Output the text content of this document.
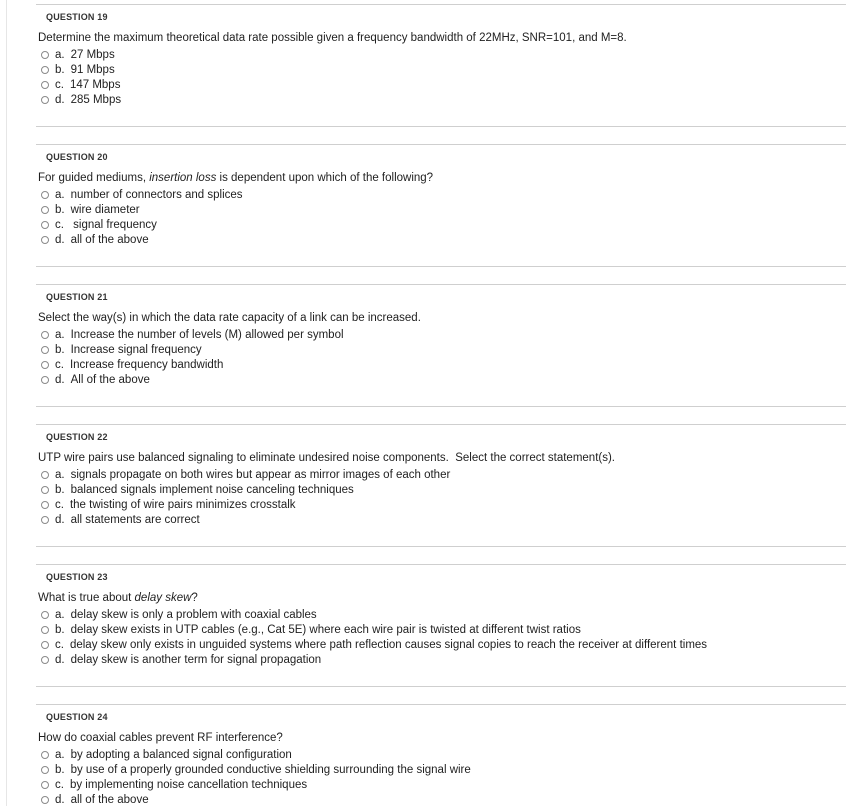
QUESTION 19
Determine the maximum theoretical data rate possible given a frequency bandwidth of 22MHz, SNR=101, and M=8.
a. 27 Mbps
b. 91 Mbps
c. 147 Mbps
d. 285 Mbps
QUESTION 20
For guided mediums, insertion loss is dependent upon which of the following?
a. number of connectors and splices
b. wire diameter
c. signal frequency
d. all of the above
QUESTION 21
Select the way(s) in which the data rate capacity of a link can be increased.
a. Increase the number of levels (M) allowed per symbol
b. Increase signal frequency
c. Increase frequency bandwidth
d. All of the above
QUESTION 22
UTP wire pairs use balanced signaling to eliminate undesired noise components.  Select the correct statement(s).
a. signals propagate on both wires but appear as mirror images of each other
b. balanced signals implement noise canceling techniques
c. the twisting of wire pairs minimizes crosstalk
d. all statements are correct
QUESTION 23
What is true about delay skew?
a. delay skew is only a problem with coaxial cables
b. delay skew exists in UTP cables (e.g., Cat 5E) where each wire pair is twisted at different twist ratios
c. delay skew only exists in unguided systems where path reflection causes signal copies to reach the receiver at different times
d. delay skew is another term for signal propagation
QUESTION 24
How do coaxial cables prevent RF interference?
a. by adopting a balanced signal configuration
b. by use of a properly grounded conductive shielding surrounding the signal wire
c. by implementing noise cancellation techniques
d. all of the above
